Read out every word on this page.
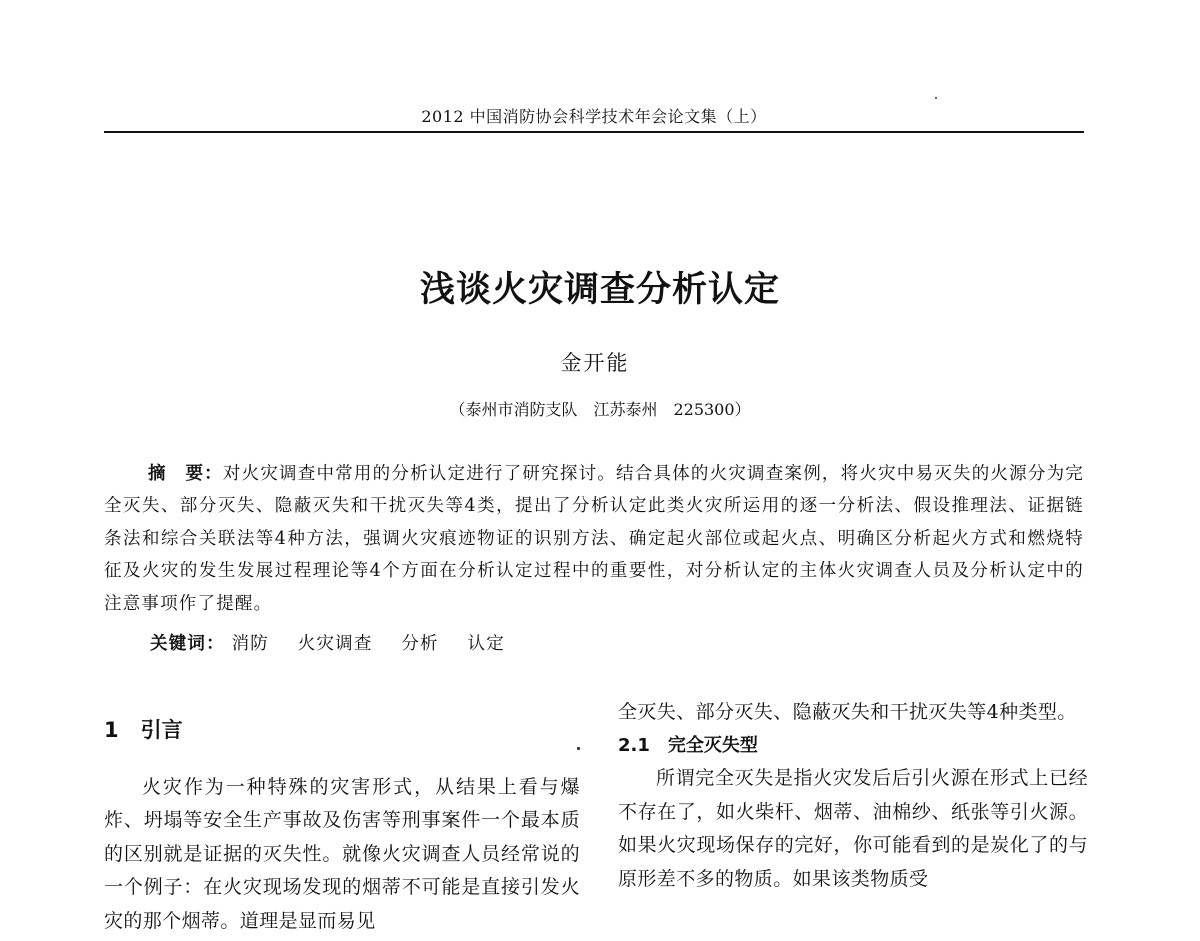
2012 中国消防协会科学技术年会论文集（上）
浅谈火灾调查分析认定
金开能
（泰州市消防支队　江苏泰州　225300）

摘　要：对火灾调查中常用的分析认定进行了研究探讨。结合具体的火灾调查案例，将火灾中易灭失的火源分为完全灭失、部分灭失、隐蔽灭失和干扰灭失等4类，提出了分析认定此类火灾所运用的逐一分析法、假设推理法、证据链条法和综合关联法等4种方法，强调火灾痕迹物证的识别方法、确定起火部位或起火点、明确区分析起火方式和燃烧特征及火灾的发生发展过程理论等4个方面在分析认定过程中的重要性，对分析认定的主体火灾调查人员及分析认定中的注意事项作了提醒。

关键词： 消防 火灾调查 分析 认定
1 引言

火灾作为一种特殊的灾害形式，从结果上看与爆炸、坍塌等安全生产事故及伤害等刑事案件一个最本质的区别就是证据的灭失性。就像火灾调查人员经常说的一个例子：在火灾现场发现的烟蒂不可能是直接引发火灾的那个烟蒂。道理是显而易见

全灭失、部分灭失、隐蔽灭失和干扰灭失等4种类型。

2.1 完全灭失型

所谓完全灭失是指火灾发后后引火源在形式上已经不存在了，如火柴杆、烟蒂、油棉纱、纸张等引火源。如果火灾现场保存的完好，你可能看到的是炭化了的与原形差不多的物质。如果该类物质受
